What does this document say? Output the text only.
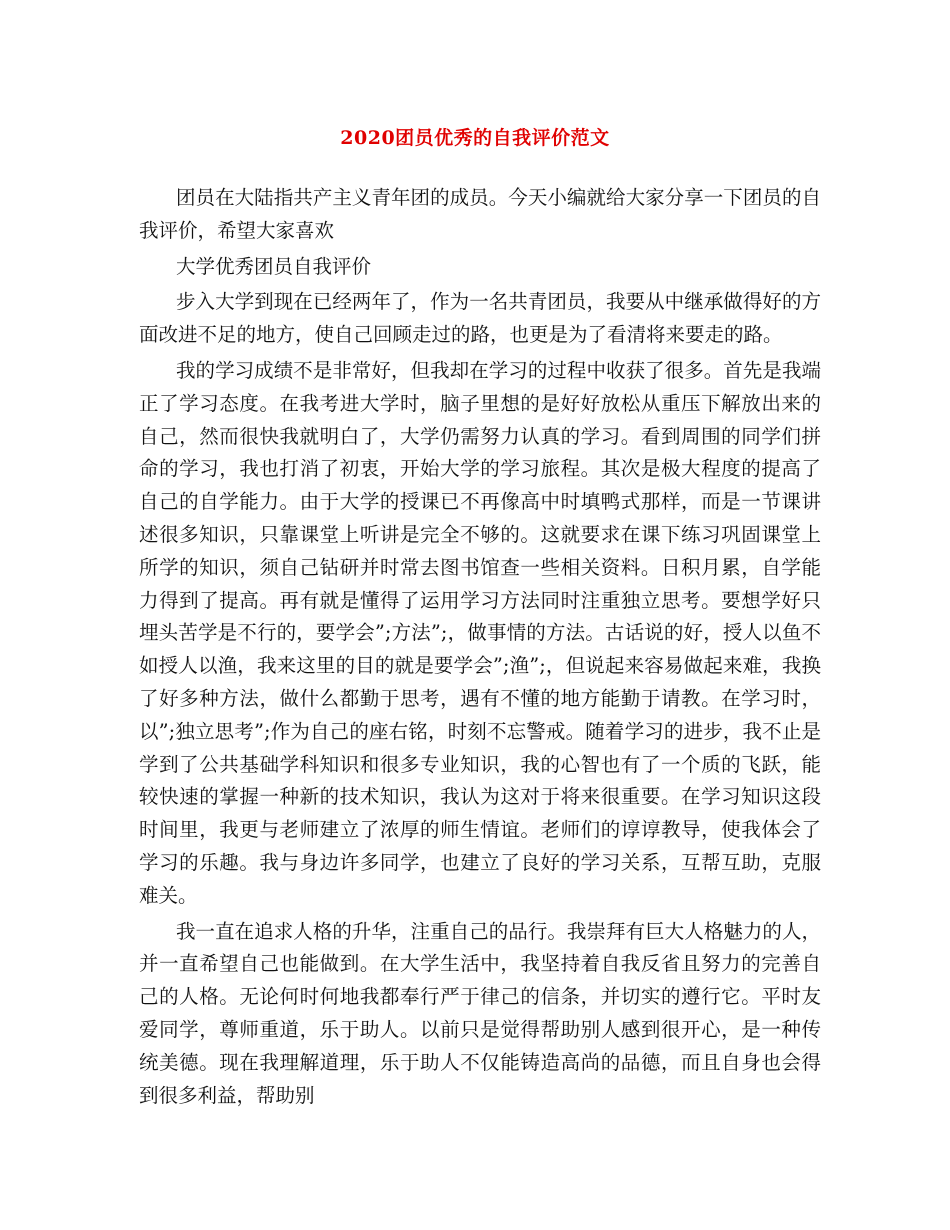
2020团员优秀的自我评价范文

团员在大陆指共产主义青年团的成员。今天小编就给大家分享一下团员的自我评价，希望大家喜欢

大学优秀团员自我评价

步入大学到现在已经两年了，作为一名共青团员，我要从中继承做得好的方面改进不足的地方，使自己回顾走过的路，也更是为了看清将来要走的路。

我的学习成绩不是非常好，但我却在学习的过程中收获了很多。首先是我端正了学习态度。在我考进大学时，脑子里想的是好好放松从重压下解放出来的自己，然而很快我就明白了，大学仍需努力认真的学习。看到周围的同学们拼命的学习，我也打消了初衷，开始大学的学习旅程。其次是极大程度的提高了自己的自学能力。由于大学的授课已不再像高中时填鸭式那样，而是一节课讲述很多知识，只靠课堂上听讲是完全不够的。这就要求在课下练习巩固课堂上所学的知识，须自己钻研并时常去图书馆查一些相关资料。日积月累，自学能力得到了提高。再有就是懂得了运用学习方法同时注重独立思考。要想学好只埋头苦学是不行的，要学会”;方法”;，做事情的方法。古话说的好，授人以鱼不如授人以渔，我来这里的目的就是要学会”;渔”;，但说起来容易做起来难，我换了好多种方法，做什么都勤于思考，遇有不懂的地方能勤于请教。在学习时，以”;独立思考”;作为自己的座右铭，时刻不忘警戒。随着学习的进步，我不止是学到了公共基础学科知识和很多专业知识，我的心智也有了一个质的飞跃，能较快速的掌握一种新的技术知识，我认为这对于将来很重要。在学习知识这段时间里，我更与老师建立了浓厚的师生情谊。老师们的谆谆教导，使我体会了学习的乐趣。我与身边许多同学，也建立了良好的学习关系，互帮互助，克服难关。

我一直在追求人格的升华，注重自己的品行。我崇拜有巨大人格魅力的人，并一直希望自己也能做到。在大学生活中，我坚持着自我反省且努力的完善自己的人格。无论何时何地我都奉行严于律己的信条，并切实的遵行它。平时友爱同学，尊师重道，乐于助人。以前只是觉得帮助别人感到很开心，是一种传统美德。现在我理解道理，乐于助人不仅能铸造高尚的品德，而且自身也会得到很多利益，帮助别
